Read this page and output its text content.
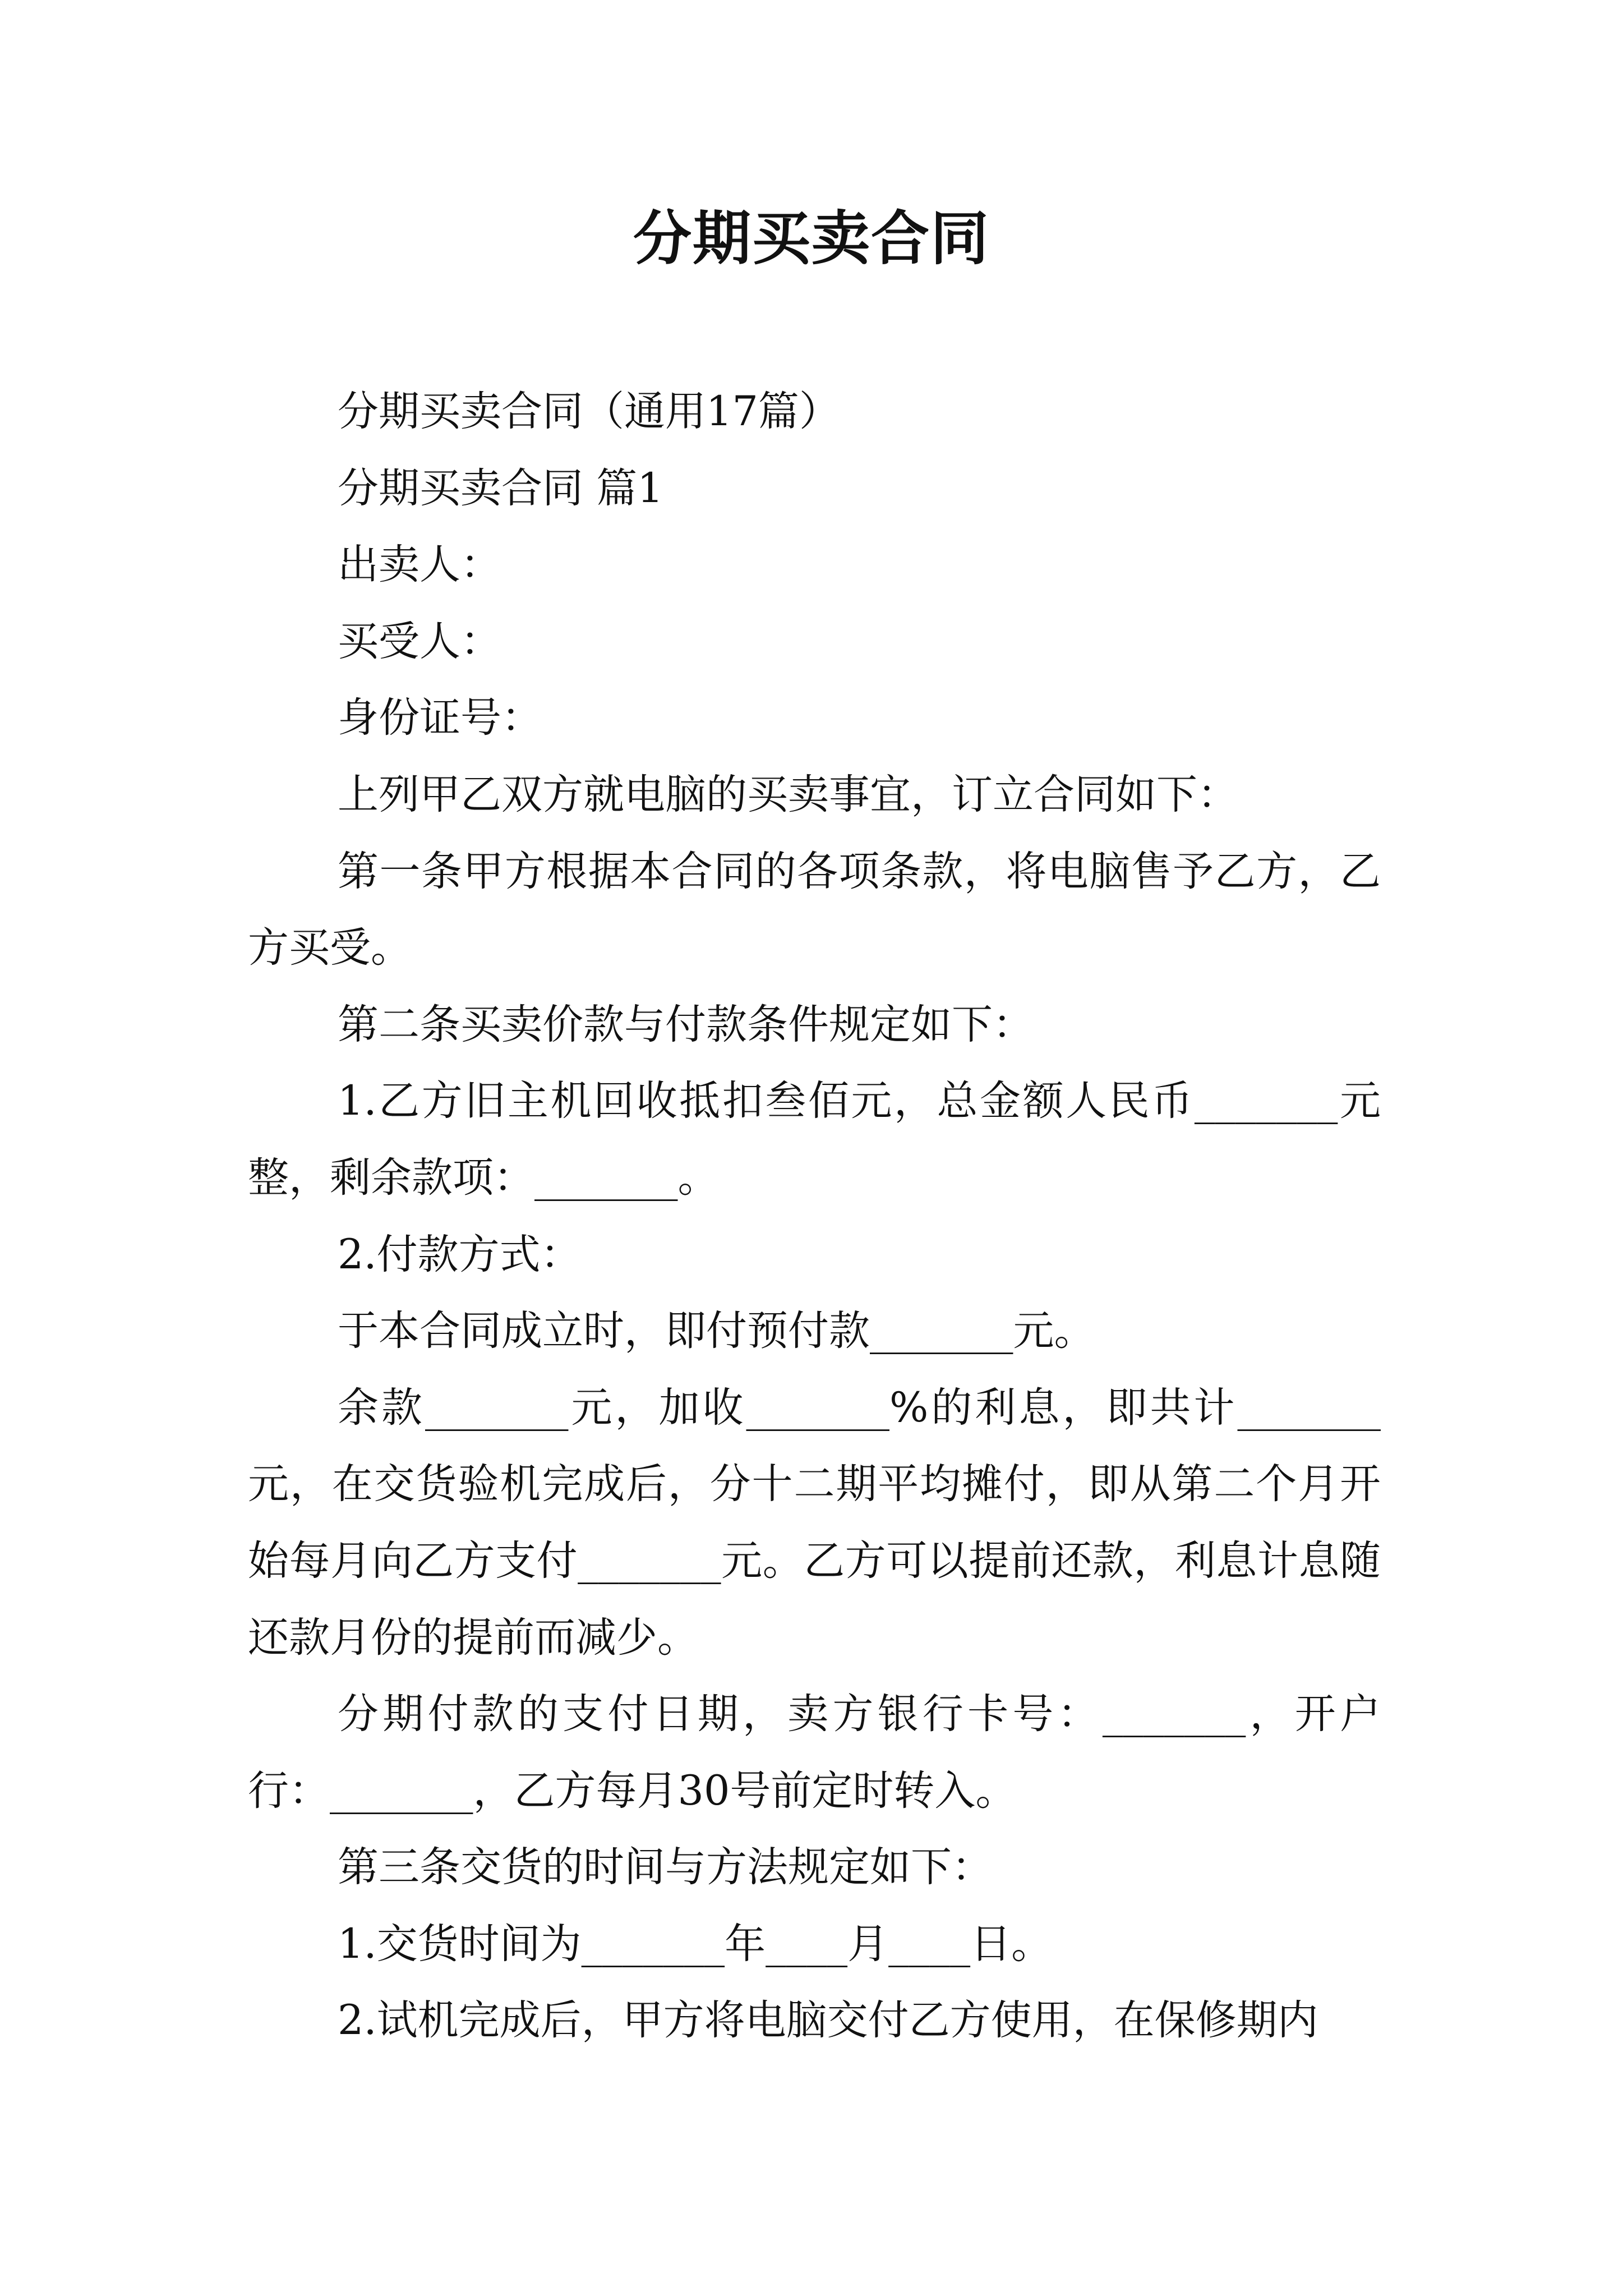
分期买卖合同

分期买卖合同（通用17篇）

分期买卖合同 篇1

出卖人：

买受人：

身份证号：

上列甲乙双方就电脑的买卖事宜，订立合同如下：

第一条甲方根据本合同的各项条款，将电脑售予乙方，乙方买受。

第二条买卖价款与付款条件规定如下：

1.乙方旧主机回收抵扣叁佰元，总金额人民币_______元整，剩余款项：_______。

2.付款方式：

于本合同成立时，即付预付款_______元。

余款_______元，加收_______%的利息，即共计_______元，在交货验机完成后，分十二期平均摊付，即从第二个月开始每月向乙方支付_______元。乙方可以提前还款，利息计息随还款月份的提前而减少。

分期付款的支付日期，卖方银行卡号：_______，开户行：_______，乙方每月30号前定时转入。

第三条交货的时间与方法规定如下：

1.交货时间为_______年____月____日。

2.试机完成后，甲方将电脑交付乙方使用，在保修期内
